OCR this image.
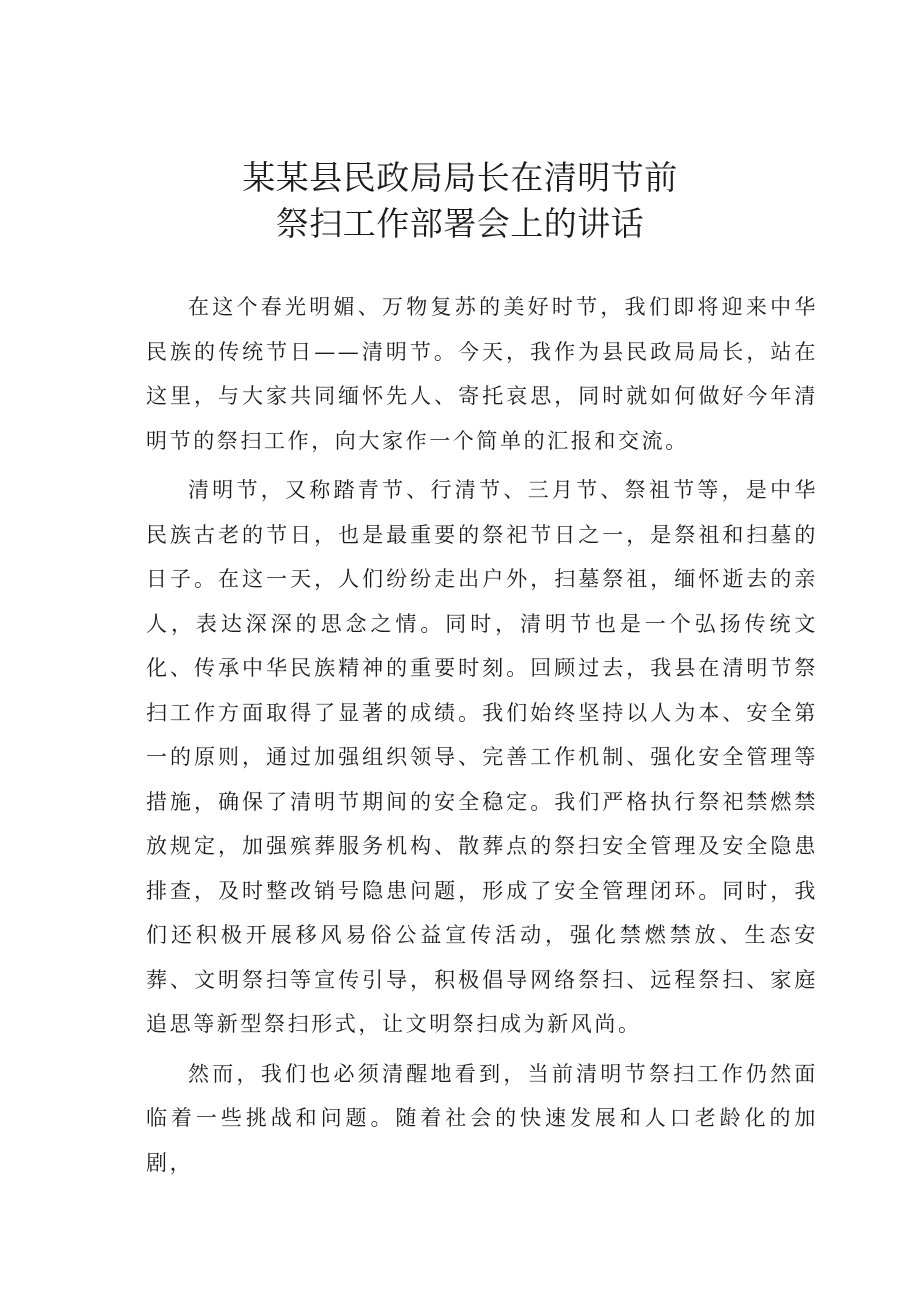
某某县民政局局长在清明节前
祭扫工作部署会上的讲话

在这个春光明媚、万物复苏的美好时节，我们即将迎来中华民族的传统节日——清明节。今天，我作为县民政局局长，站在这里，与大家共同缅怀先人、寄托哀思，同时就如何做好今年清明节的祭扫工作，向大家作一个简单的汇报和交流。

清明节，又称踏青节、行清节、三月节、祭祖节等，是中华民族古老的节日，也是最重要的祭祀节日之一，是祭祖和扫墓的日子。在这一天，人们纷纷走出户外，扫墓祭祖，缅怀逝去的亲人，表达深深的思念之情。同时，清明节也是一个弘扬传统文化、传承中华民族精神的重要时刻。回顾过去，我县在清明节祭扫工作方面取得了显著的成绩。我们始终坚持以人为本、安全第一的原则，通过加强组织领导、完善工作机制、强化安全管理等措施，确保了清明节期间的安全稳定。我们严格执行祭祀禁燃禁放规定，加强殡葬服务机构、散葬点的祭扫安全管理及安全隐患排查，及时整改销号隐患问题，形成了安全管理闭环。同时，我们还积极开展移风易俗公益宣传活动，强化禁燃禁放、生态安葬、文明祭扫等宣传引导，积极倡导网络祭扫、远程祭扫、家庭追思等新型祭扫形式，让文明祭扫成为新风尚。

然而，我们也必须清醒地看到，当前清明节祭扫工作仍然面临着一些挑战和问题。随着社会的快速发展和人口老龄化的加剧，
